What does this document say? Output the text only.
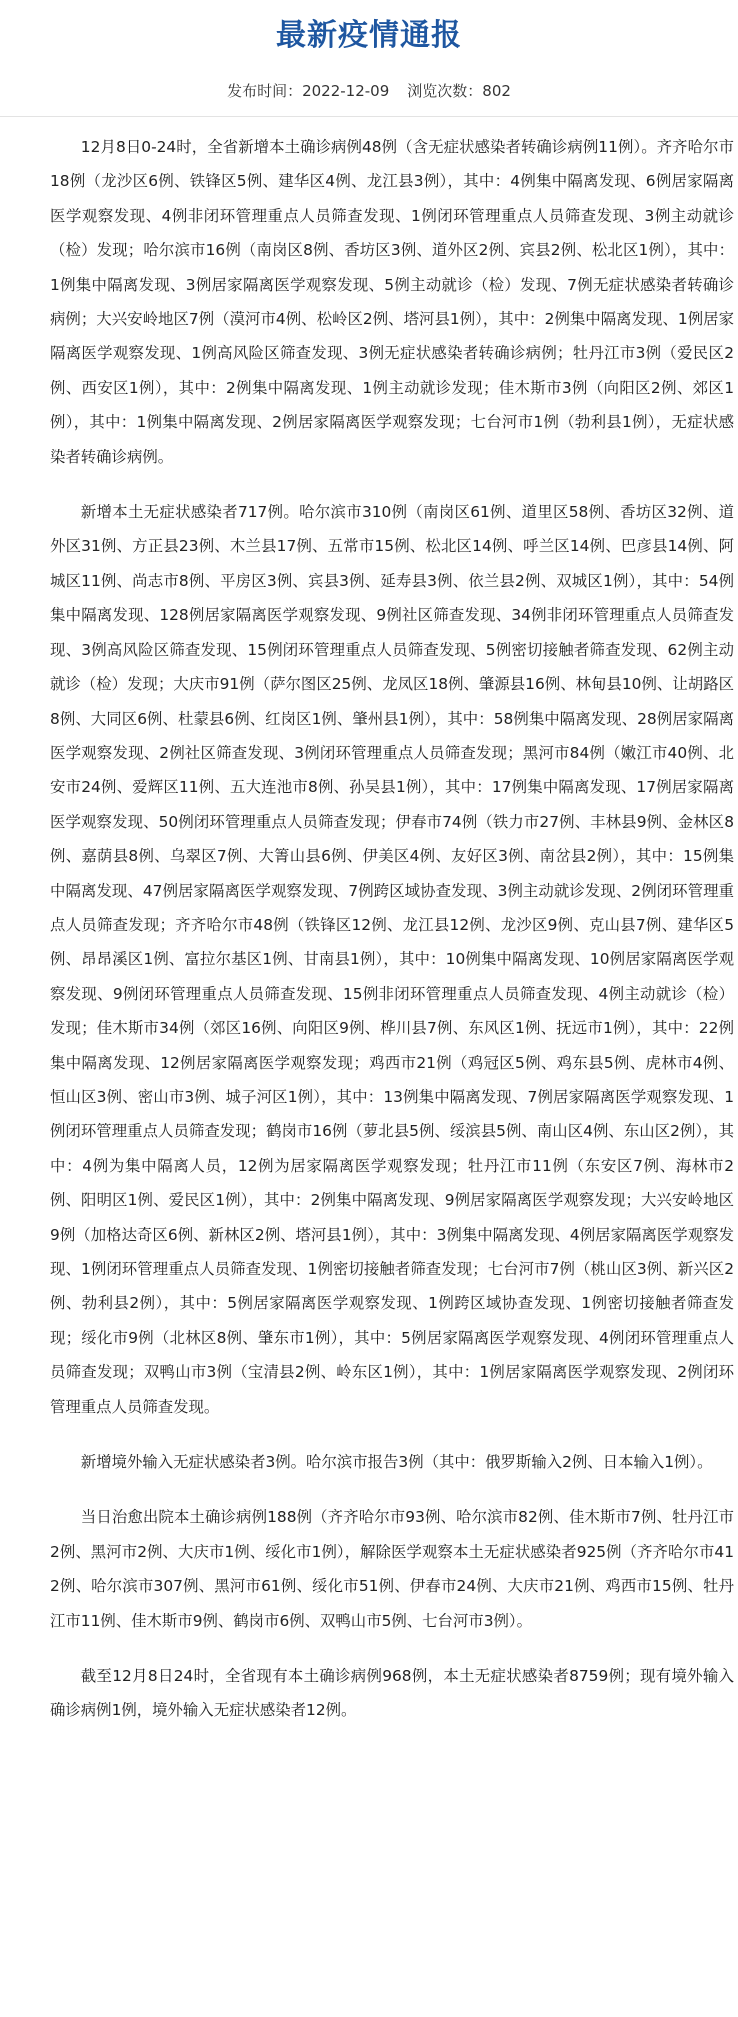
最新疫情通报
发布时间：2022-12-09 浏览次数：802

12月8日0-24时，全省新增本土确诊病例48例（含无症状感染者转确诊病例11例）。齐齐哈尔市18例（龙沙区6例、铁锋区5例、建华区4例、龙江县3例），其中：4例集中隔离发现、6例居家隔离医学观察发现、4例非闭环管理重点人员筛查发现、1例闭环管理重点人员筛查发现、3例主动就诊（检）发现；哈尔滨市16例（南岗区8例、香坊区3例、道外区2例、宾县2例、松北区1例），其中：1例集中隔离发现、3例居家隔离医学观察发现、5例主动就诊（检）发现、7例无症状感染者转确诊病例；大兴安岭地区7例（漠河市4例、松岭区2例、塔河县1例），其中：2例集中隔离发现、1例居家隔离医学观察发现、1例高风险区筛查发现、3例无症状感染者转确诊病例；牡丹江市3例（爱民区2例、西安区1例），其中：2例集中隔离发现、1例主动就诊发现；佳木斯市3例（向阳区2例、郊区1例），其中：1例集中隔离发现、2例居家隔离医学观察发现；七台河市1例（勃利县1例），无症状感染者转确诊病例。

新增本土无症状感染者717例。哈尔滨市310例（南岗区61例、道里区58例、香坊区32例、道外区31例、方正县23例、木兰县17例、五常市15例、松北区14例、呼兰区14例、巴彦县14例、阿城区11例、尚志市8例、平房区3例、宾县3例、延寿县3例、依兰县2例、双城区1例），其中：54例集中隔离发现、128例居家隔离医学观察发现、9例社区筛查发现、34例非闭环管理重点人员筛查发现、3例高风险区筛查发现、15例闭环管理重点人员筛查发现、5例密切接触者筛查发现、62例主动就诊（检）发现；大庆市91例（萨尔图区25例、龙凤区18例、肇源县16例、林甸县10例、让胡路区8例、大同区6例、杜蒙县6例、红岗区1例、肇州县1例），其中：58例集中隔离发现、28例居家隔离医学观察发现、2例社区筛查发现、3例闭环管理重点人员筛查发现；黑河市84例（嫩江市40例、北安市24例、爱辉区11例、五大连池市8例、孙吴县1例），其中：17例集中隔离发现、17例居家隔离医学观察发现、50例闭环管理重点人员筛查发现；伊春市74例（铁力市27例、丰林县9例、金林区8例、嘉荫县8例、乌翠区7例、大箐山县6例、伊美区4例、友好区3例、南岔县2例），其中：15例集中隔离发现、47例居家隔离医学观察发现、7例跨区域协查发现、3例主动就诊发现、2例闭环管理重点人员筛查发现；齐齐哈尔市48例（铁锋区12例、龙江县12例、龙沙区9例、克山县7例、建华区5例、昂昂溪区1例、富拉尔基区1例、甘南县1例），其中：10例集中隔离发现、10例居家隔离医学观察发现、9例闭环管理重点人员筛查发现、15例非闭环管理重点人员筛查发现、4例主动就诊（检）发现；佳木斯市34例（郊区16例、向阳区9例、桦川县7例、东风区1例、抚远市1例），其中：22例集中隔离发现、12例居家隔离医学观察发现；鸡西市21例（鸡冠区5例、鸡东县5例、虎林市4例、恒山区3例、密山市3例、城子河区1例），其中：13例集中隔离发现、7例居家隔离医学观察发现、1例闭环管理重点人员筛查发现；鹤岗市16例（萝北县5例、绥滨县5例、南山区4例、东山区2例），其中：4例为集中隔离人员，12例为居家隔离医学观察发现；牡丹江市11例（东安区7例、海林市2例、阳明区1例、爱民区1例），其中：2例集中隔离发现、9例居家隔离医学观察发现；大兴安岭地区9例（加格达奇区6例、新林区2例、塔河县1例），其中：3例集中隔离发现、4例居家隔离医学观察发现、1例闭环管理重点人员筛查发现、1例密切接触者筛查发现；七台河市7例（桃山区3例、新兴区2例、勃利县2例），其中：5例居家隔离医学观察发现、1例跨区域协查发现、1例密切接触者筛查发现；绥化市9例（北林区8例、肇东市1例），其中：5例居家隔离医学观察发现、4例闭环管理重点人员筛查发现；双鸭山市3例（宝清县2例、岭东区1例），其中：1例居家隔离医学观察发现、2例闭环管理重点人员筛查发现。

新增境外输入无症状感染者3例。哈尔滨市报告3例（其中：俄罗斯输入2例、日本输入1例）。

当日治愈出院本土确诊病例188例（齐齐哈尔市93例、哈尔滨市82例、佳木斯市7例、牡丹江市2例、黑河市2例、大庆市1例、绥化市1例），解除医学观察本土无症状感染者925例（齐齐哈尔市412例、哈尔滨市307例、黑河市61例、绥化市51例、伊春市24例、大庆市21例、鸡西市15例、牡丹江市11例、佳木斯市9例、鹤岗市6例、双鸭山市5例、七台河市3例）。

截至12月8日24时，全省现有本土确诊病例968例，本土无症状感染者8759例；现有境外输入确诊病例1例，境外输入无症状感染者12例。
